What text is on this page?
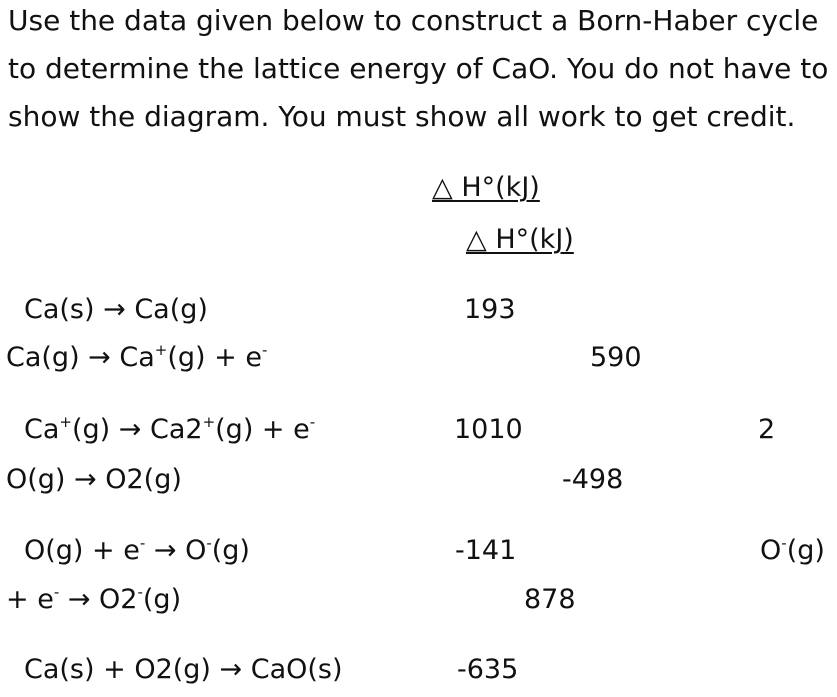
Use the data given below to construct a Born-Haber cycle
to determine the lattice energy of CaO. You do not have to
show the diagram. You must show all work to get credit.
△ H°(kJ)
△ H°(kJ)
Ca(s) → Ca(g)
Ca(g) → Ca+(g) + e-
Ca+(g) → Ca2+(g) + e-
O(g) → O2(g)
O(g) + e- → O-(g)
+ e- → O2-(g)
Ca(s) + O2(g) → CaO(s)
193
590
1010	2
-498
-141	O-(g)
878
-635
